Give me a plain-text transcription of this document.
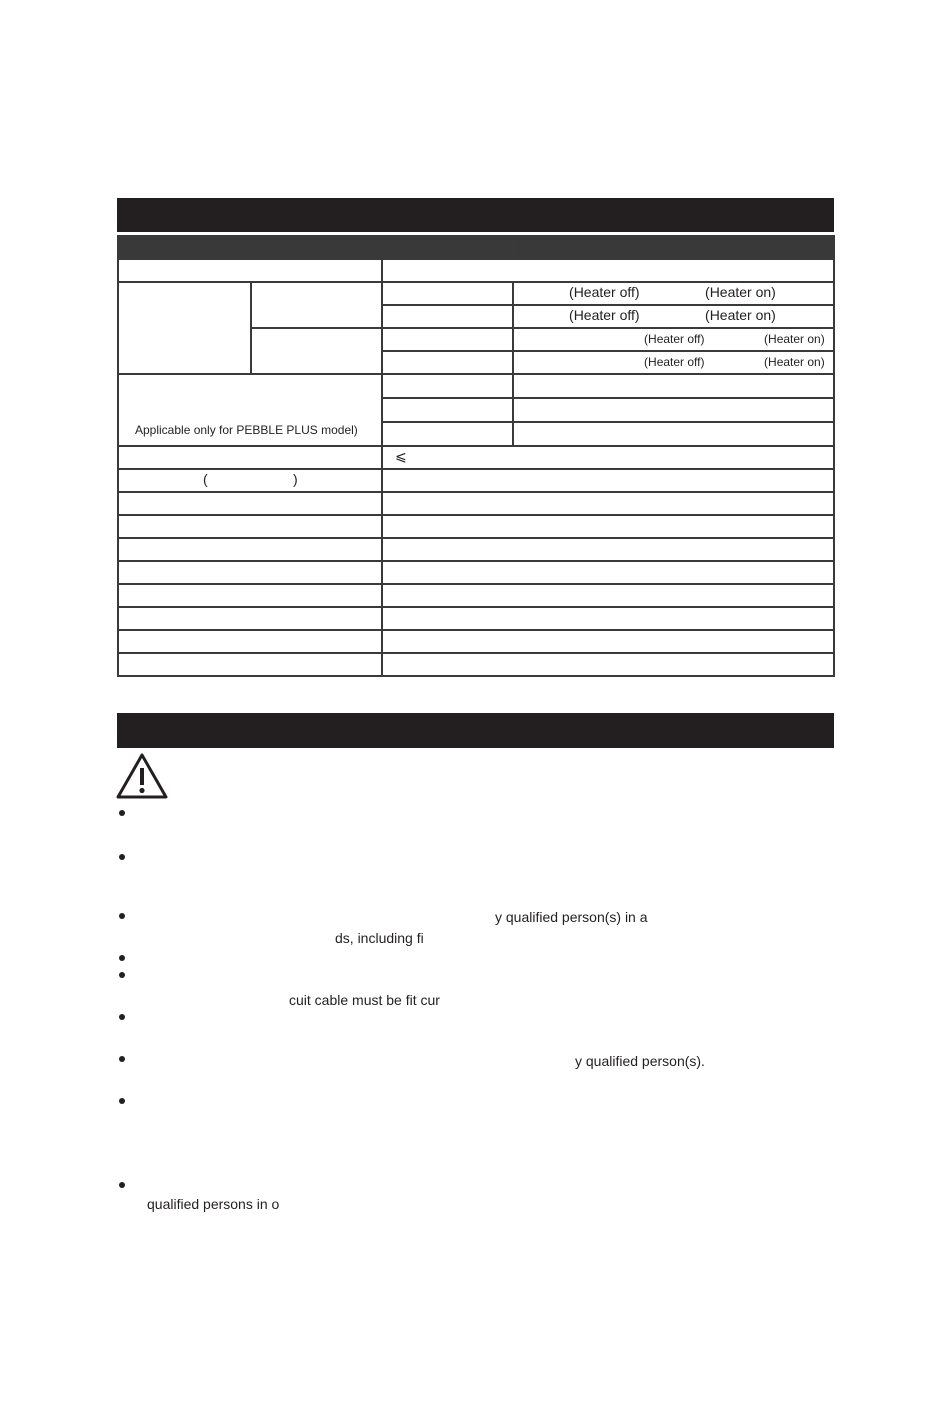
			(Heater off) (Heater on)

			(Heater off) (Heater on)

			(Heater off) (Heater on)

			(Heater off) (Heater on)

Applicable only for PEBBLE PLUS model)			

		⩽	

( )			

y qualified person(s) in a
ds, including fi
cuit cable must be fit cur
y qualified person(s).
qualified persons in o
